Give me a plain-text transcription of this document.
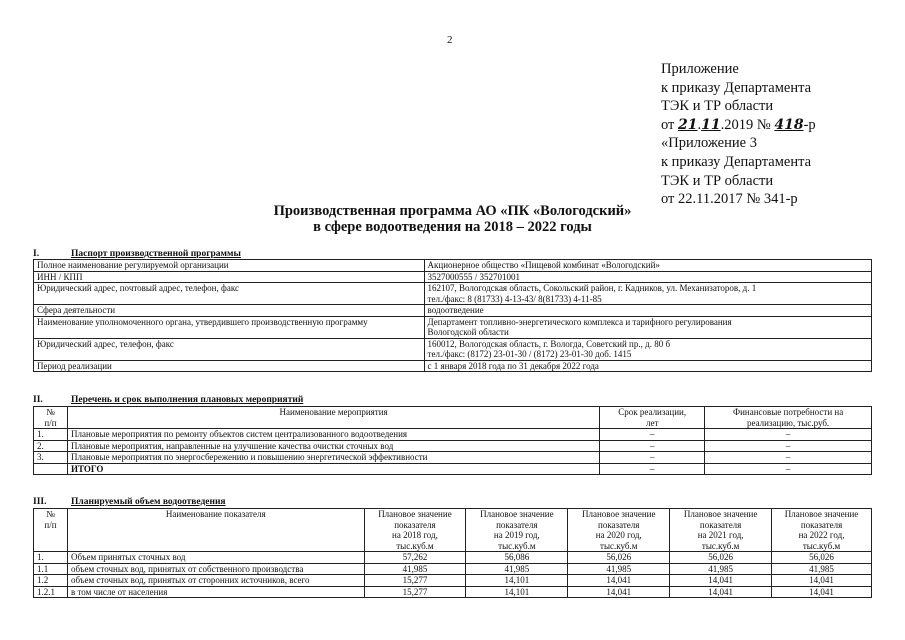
2
Приложение
к приказу Департамента
ТЭК и ТР области
от 21.11.2019 № 418-р
«Приложение 3
к приказу Департамента
ТЭК и ТР области
от 22.11.2017 № 341-р
Производственная программа АО «ПК «Вологодский»
в сфере водоотведения на 2018 – 2022 годы
I.	Паспорт производственной программы
Полное наименование регулируемой организации	Акционерное общество «Пищевой комбинат «Вологодский»
ИНН / КПП	3527000555 / 352701001
Юридический адрес, почтовый адрес, телефон, факс	162107, Вологодская область, Сокольский район, г. Кадников, ул. Механизаторов, д. 1
тел./факс: 8 (81733) 4-13-43/ 8(81733) 4-11-85

Сфера деятельности	водоотведение
Наименование уполномоченного органа, утвердившего производственную программу	Департамент топливно-энергетического комплекса и тарифного регулирования
Вологодской области

Юридический адрес, телефон, факс	160012, Вологодская область, г. Вологда, Советский пр., д. 80 б
тел./факс: (8172) 23-01-30 / (8172) 23-01-30 доб. 1415

Период реализации	с 1 января 2018 года по 31 декабря 2022 года
II.	Перечень и срок выполнения плановых мероприятий
№
п/п	Наименование мероприятия	Срок реализации,
лет	Финансовые потребности на
реализацию, тыс.руб.
1.	Плановые мероприятия по ремонту объектов систем централизованного водоотведения	–	–
2.	Плановые мероприятия, направленные на улучшение качества очистки сточных вод	–	–
3.	Плановые мероприятия по энергосбережению и повышению энергетической эффективности	–	–
	ИТОГО	–	–
III.	Планируемый объем водоотведения
№
п/п	Наименование показателя	Плановое значение
показателя
на 2018 год,
тыс.куб.м	Плановое значение
показателя
на 2019 год,
тыс.куб.м	Плановое значение
показателя
на 2020 год,
тыс.куб.м	Плановое значение
показателя
на 2021 год,
тыс.куб.м	Плановое значение
показателя
на 2022 год,
тыс.куб.м
1.	Объем принятых сточных вод	57,262	56,086	56,026	56,026	56,026
1.1	объем сточных вод, принятых от собственного производства	41,985	41,985	41,985	41,985	41,985
1.2	объем сточных вод, принятых от сторонних источников, всего	15,277	14,101	14,041	14,041	14,041
1.2.1	в том числе от населения	15,277	14,101	14,041	14,041	14,041
